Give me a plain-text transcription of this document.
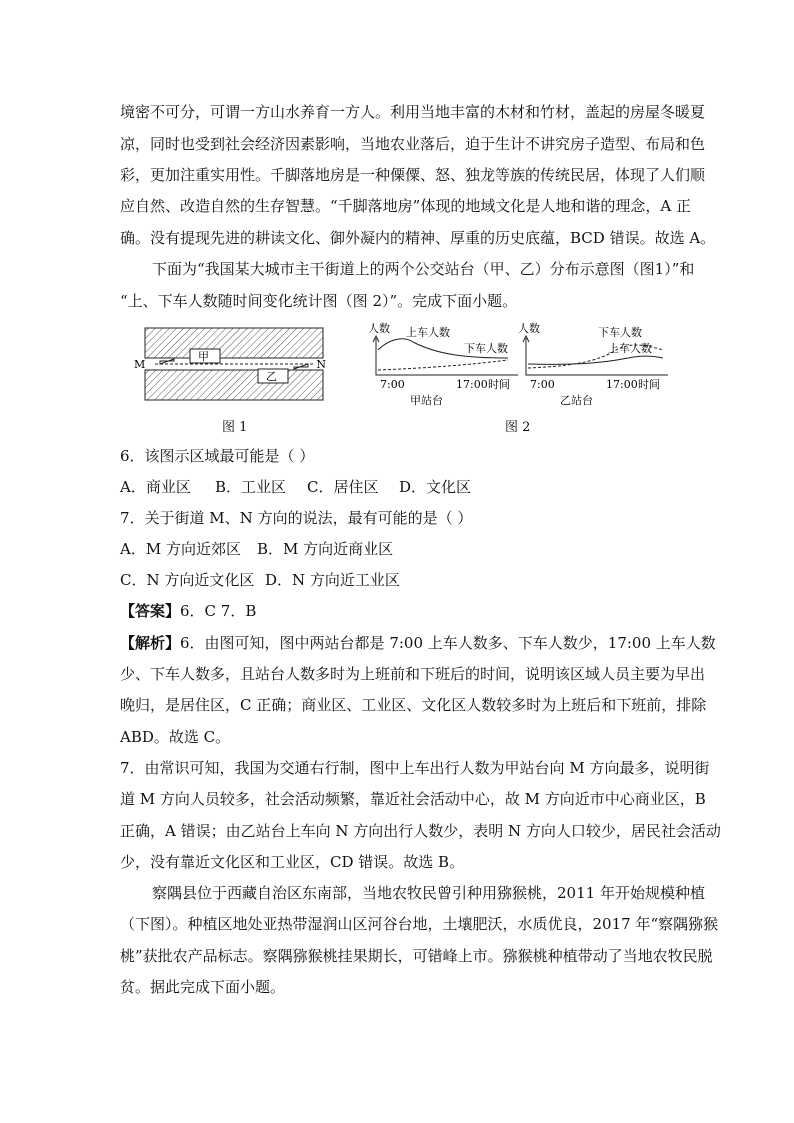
境密不可分，可谓一方山水养育一方人。利用当地丰富的木材和竹材，盖起的房屋冬暖夏
凉，同时也受到社会经济因素影响，当地农业落后，迫于生计不讲究房子造型、布局和色
彩，更加注重实用性。千脚落地房是一种傈僳、怒、独龙等族的传统民居，体现了人们顺
应自然、改造自然的生存智慧。“千脚落地房”体现的地域文化是人地和谐的理念，A 正
确。没有提现先进的耕读文化、御外凝内的精神、厚重的历史底蕴，BCD 错误。故选 A。
下面为“我国某大城市主干街道上的两个公交站台（甲、乙）分布示意图（图1）”和
“上、下车人数随时间变化统计图（图 2）”。完成下面小题。
M	N
甲
乙
图 1
人数 上车人数
下车人数
7:00	17:00 时间
甲站台
人数	下车人数
上车人数
7:00	17:00 时间
乙站台
图 2
6．该图示区域最可能是（ ）
A．商业区 B．工业区 C．居住区 D．文化区
7．关于街道 M、N 方向的说法，最有可能的是（ ）
A．M 方向近郊区 B．M 方向近商业区
C．N 方向近文化区 D．N 方向近工业区
【答案】6．C 7．B
【解析】6．由图可知，图中两站台都是 7:00 上车人数多、下车人数少，17:00 上车人数
少、下车人数多，且站台人数多时为上班前和下班后的时间，说明该区域人员主要为早出
晚归，是居住区，C 正确；商业区、工业区、文化区人数较多时为上班后和下班前，排除
ABD。故选 C。
7．由常识可知，我国为交通右行制，图中上车出行人数为甲站台向 M 方向最多，说明街
道 M 方向人员较多，社会活动频繁，靠近社会活动中心，故 M 方向近市中心商业区，B
正确，A 错误；由乙站台上车向 N 方向出行人数少，表明 N 方向人口较少，居民社会活动
少，没有靠近文化区和工业区，CD 错误。故选 B。
察隅县位于西藏自治区东南部，当地农牧民曾引种用猕猴桃，2011 年开始规模种植
（下图）。种植区地处亚热带湿润山区河谷台地，土壤肥沃，水质优良，2017 年“察隅猕猴
桃”获批农产品标志。察隅猕猴桃挂果期长，可错峰上市。猕猴桃种植带动了当地农牧民脱
贫。据此完成下面小题。
